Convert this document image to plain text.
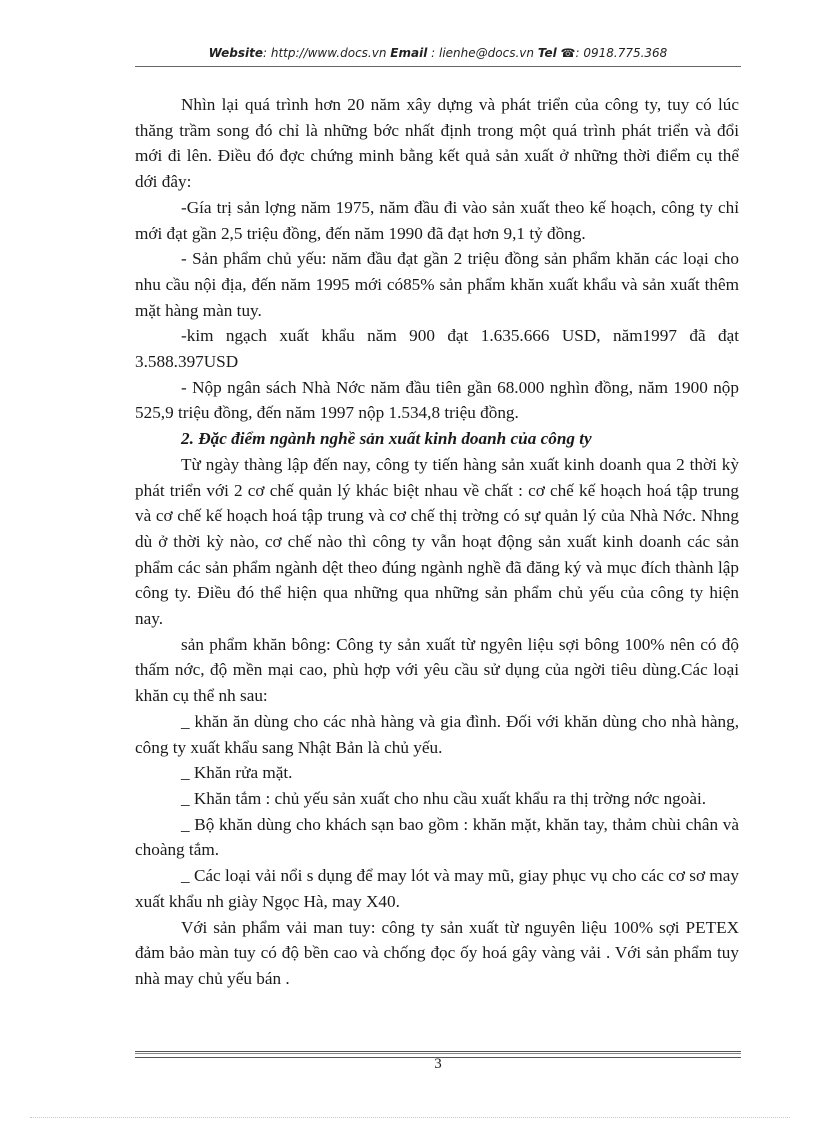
Website: http://www.docs.vn Email : lienhe@docs.vn Tel ☎: 0918.775.368

Nhìn lại quá trình hơn 20 năm xây dựng và phát triển của công ty, tuy có lúc thăng trầm song đó chỉ là những bớc nhất định trong một quá trình phát triển và đổi mới đi lên. Điều đó đợc chứng minh bằng kết quả sản xuất ở những thời điểm cụ thể dới đây:

-Gía trị sản lợng năm 1975, năm đầu đi vào sản xuất theo kế hoạch, công ty chỉ mới đạt gần 2,5 triệu đồng, đến năm 1990 đã đạt hơn 9,1 tỷ đồng.

- Sản phẩm chủ yếu: năm đầu đạt gần 2 triệu đồng sản phẩm khăn các loại cho nhu cầu nội địa, đến năm 1995 mới có85% sản phẩm khăn xuất khẩu và sản xuất thêm mặt hàng màn tuy.

-kim ngạch xuất khẩu năm 900 đạt 1.635.666 USD, năm1997 đã đạt 3.588.397USD

- Nộp ngân sách Nhà Nớc năm đầu tiên gần 68.000 nghìn đồng, năm 1900 nộp 525,9 triệu đồng, đến năm 1997 nộp 1.534,8 triệu đồng.

2. Đặc điểm ngành nghề sản xuất kinh doanh của công ty

Từ ngày thàng lập đến nay, công ty tiến hàng sản xuất kinh doanh qua 2 thời kỳ phát triển với 2 cơ chế quản lý khác biệt nhau về chất : cơ chế kế hoạch hoá tập trung và cơ chế kế hoạch hoá tập trung và cơ chế thị trờng có sự quản lý của Nhà Nớc. Nhng dù ở thời kỳ nào, cơ chế nào thì công ty vẫn hoạt động sản xuất kinh doanh các sản phẩm các sản phẩm ngành dệt theo đúng ngành nghề đã đăng ký và mục đích thành lập công ty. Điều đó thể hiện qua những qua những sản phẩm chủ yếu của công ty hiện nay.

sản phẩm khăn bông: Công ty sản xuất từ ngyên liệu sợi bông 100% nên có độ thấm nớc, độ mền mại cao, phù hợp với yêu cầu sử dụng của ngời tiêu dùng.Các loại khăn cụ thể nh sau:

_ khăn ăn dùng cho các nhà hàng và gia đình. Đối với khăn dùng cho nhà hàng, công ty xuất khẩu sang Nhật Bản là chủ yếu.

_ Khăn rửa mặt.

_ Khăn tắm : chủ yếu sản xuất cho nhu cầu xuất khẩu ra thị trờng nớc ngoài.

_ Bộ khăn dùng cho khách sạn bao gồm : khăn mặt, khăn tay, thảm chùi chân và choàng tắm.

_ Các loại vải nổi s dụng để may lót và may mũ, giay phục vụ cho các cơ sơ may xuất khẩu nh giày Ngọc Hà, may X40.

Với sản phẩm vải man tuy: công ty sản xuất từ nguyên liệu 100% sợi PETEX đảm bảo màn tuy có độ bền cao và chống đọc ốy hoá gây vàng vải . Với sản phẩm tuy nhà may chủ yếu bán .

3
